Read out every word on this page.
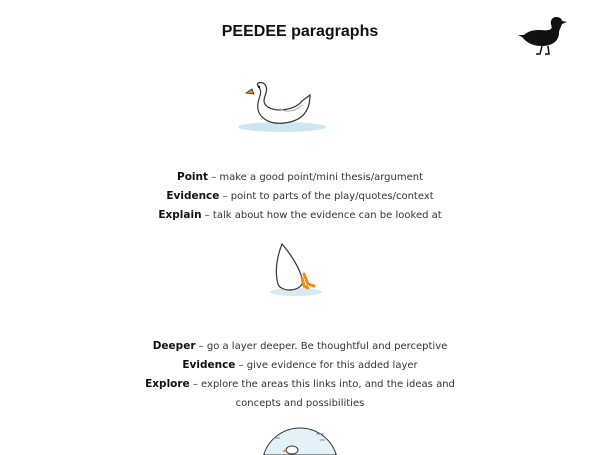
PEEDEE paragraphs
Point – make a good point/mini thesis/argument
Evidence – point to parts of the play/quotes/context
Explain – talk about how the evidence can be looked at
Deeper – go a layer deeper. Be thoughtful and perceptive
Evidence – give evidence for this added layer
Explore – explore the areas this links into, and the ideas and
concepts and possibilities
